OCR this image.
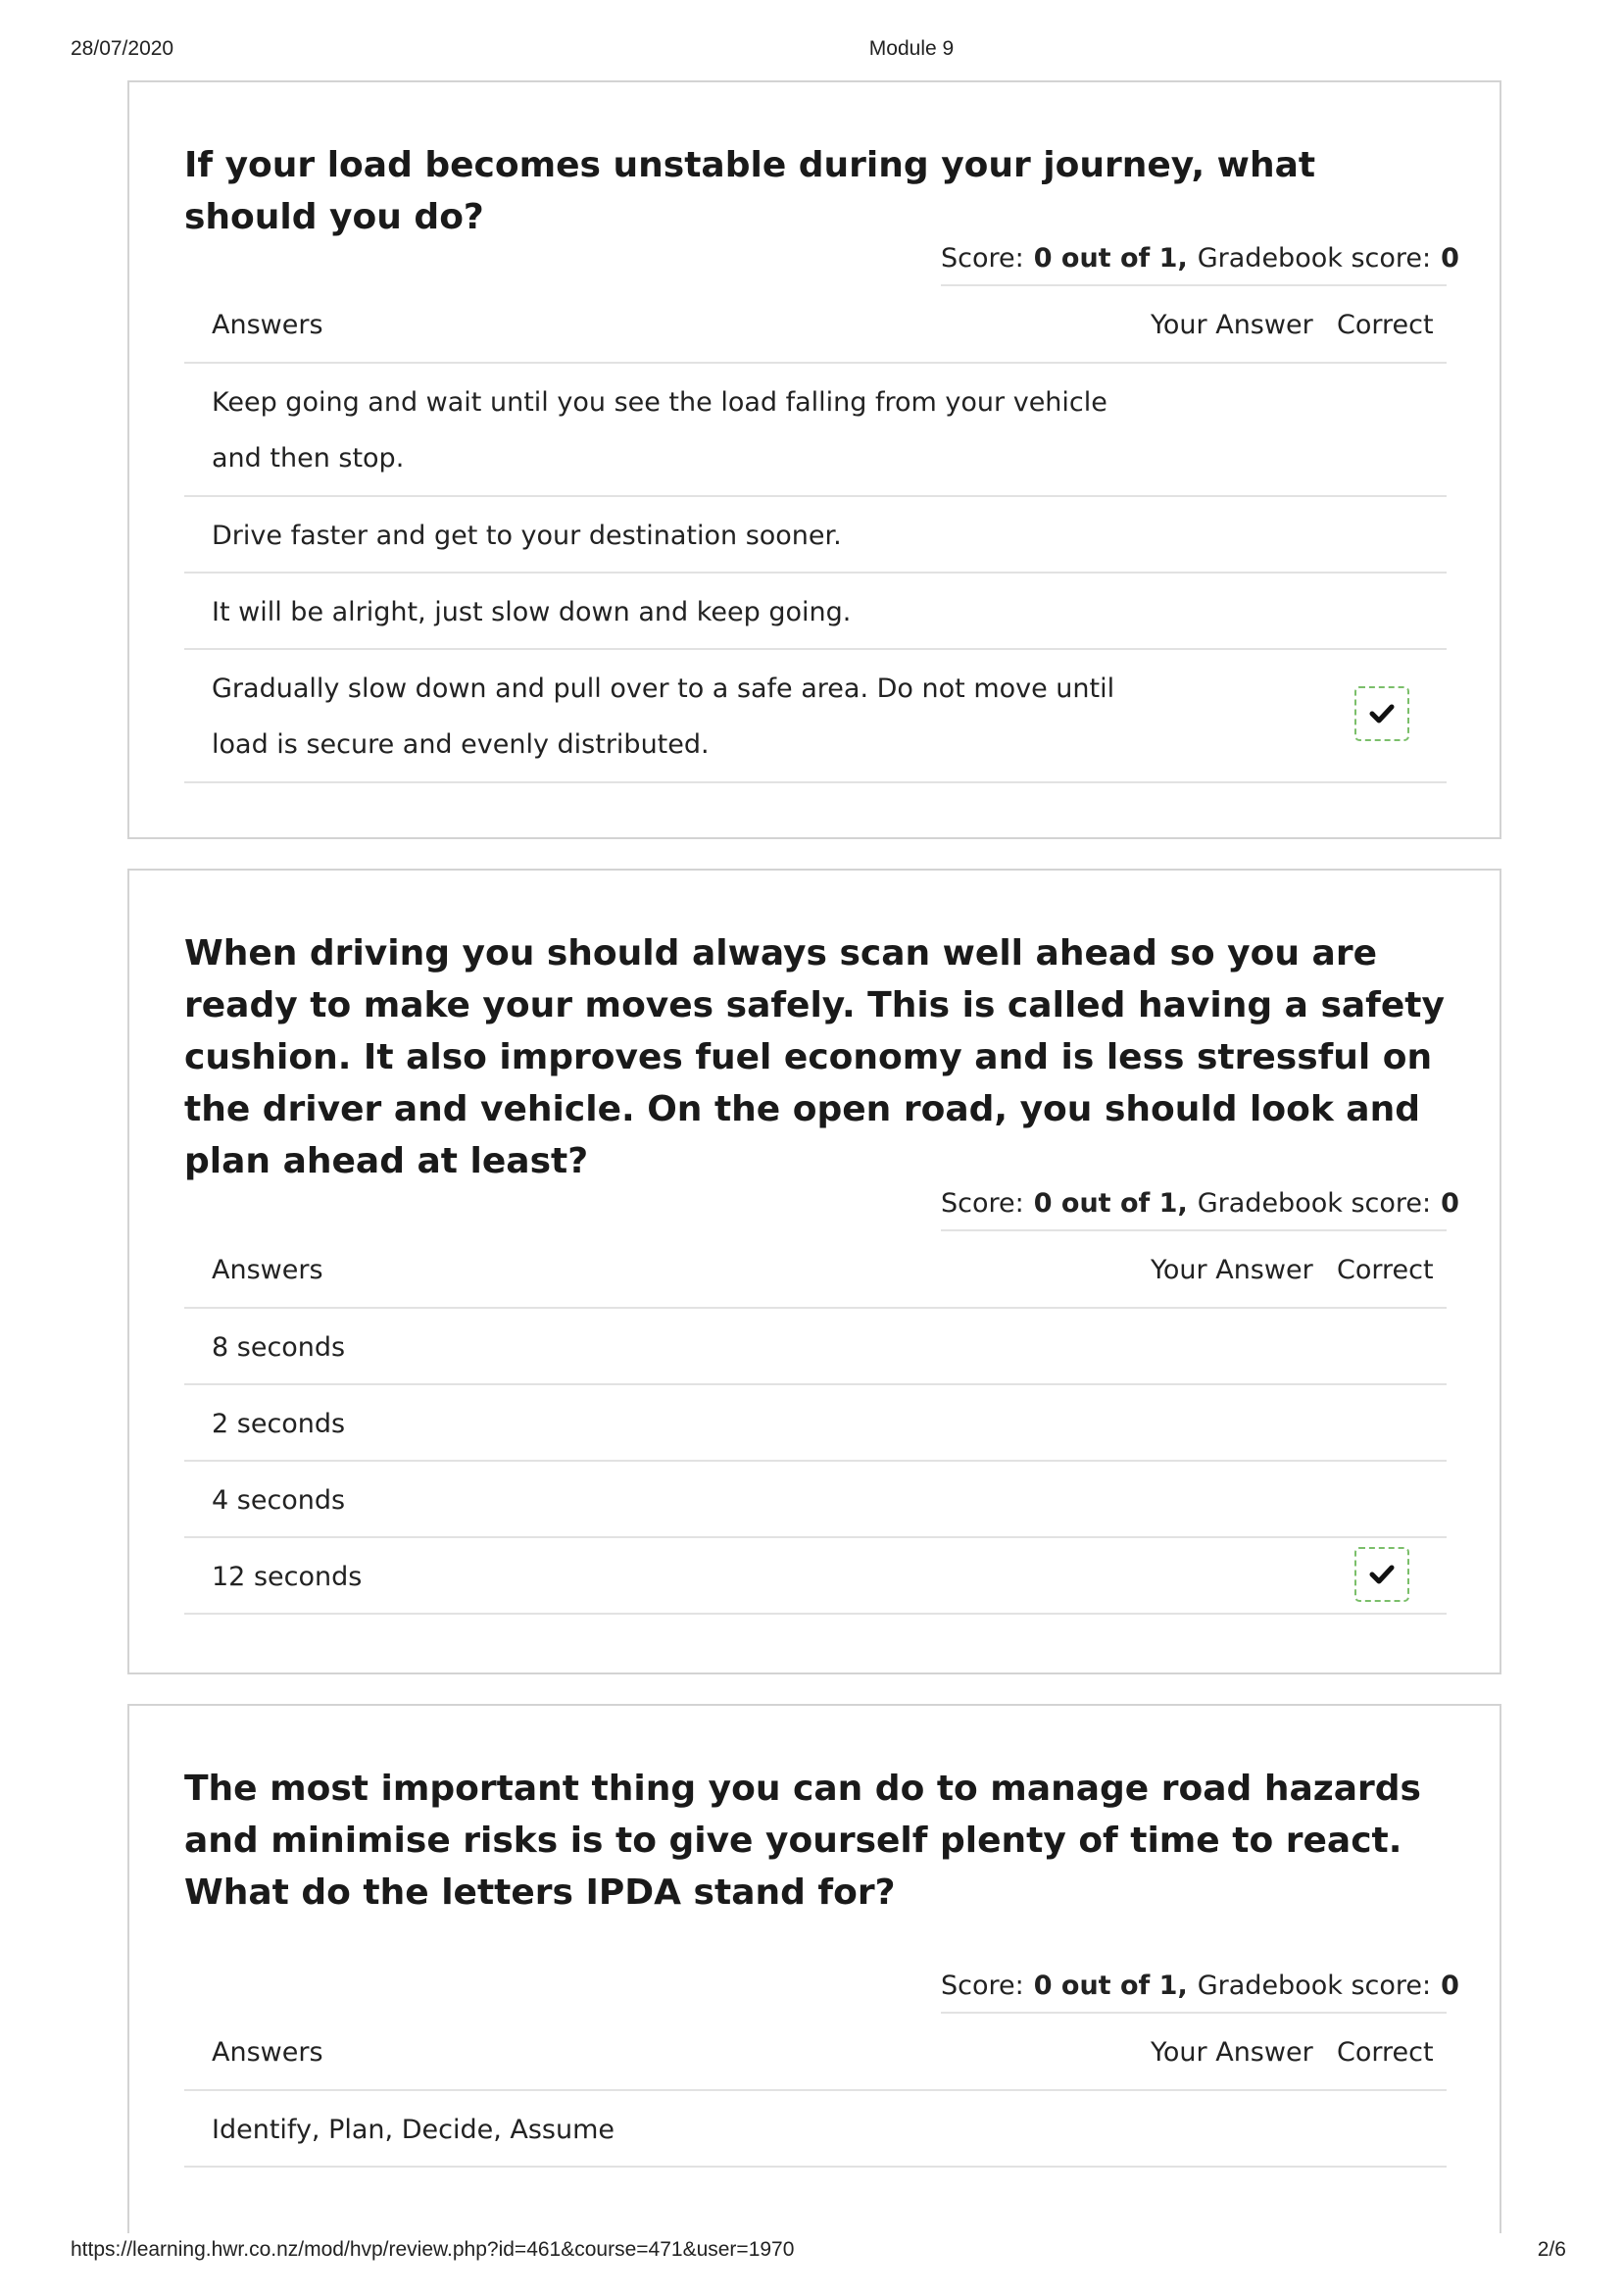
28/07/2020	Module 9
If your load becomes unstable during your journey, what should you do?
Score: 0 out of 1, Gradebook score: 0
Answers	Your Answer Correct
Keep going and wait until you see the load falling from your vehicle and then stop.
Drive faster and get to your destination sooner.
It will be alright, just slow down and keep going.
Gradually slow down and pull over to a safe area. Do not move until load is secure and evenly distributed.
When driving you should always scan well ahead so you are ready to make your moves safely. This is called having a safety cushion. It also improves fuel economy and is less stressful on the driver and vehicle. On the open road, you should look and plan ahead at least?
Score: 0 out of 1, Gradebook score: 0
Answers	Your Answer Correct
8 seconds
2 seconds
4 seconds
12 seconds
The most important thing you can do to manage road hazards and minimise risks is to give yourself plenty of time to react. What do the letters IPDA stand for?
Score: 0 out of 1, Gradebook score: 0
Answers	Your Answer Correct
Identify, Plan, Decide, Assume
https://learning.hwr.co.nz/mod/hvp/review.php?id=461&course=471&user=1970	2/6
